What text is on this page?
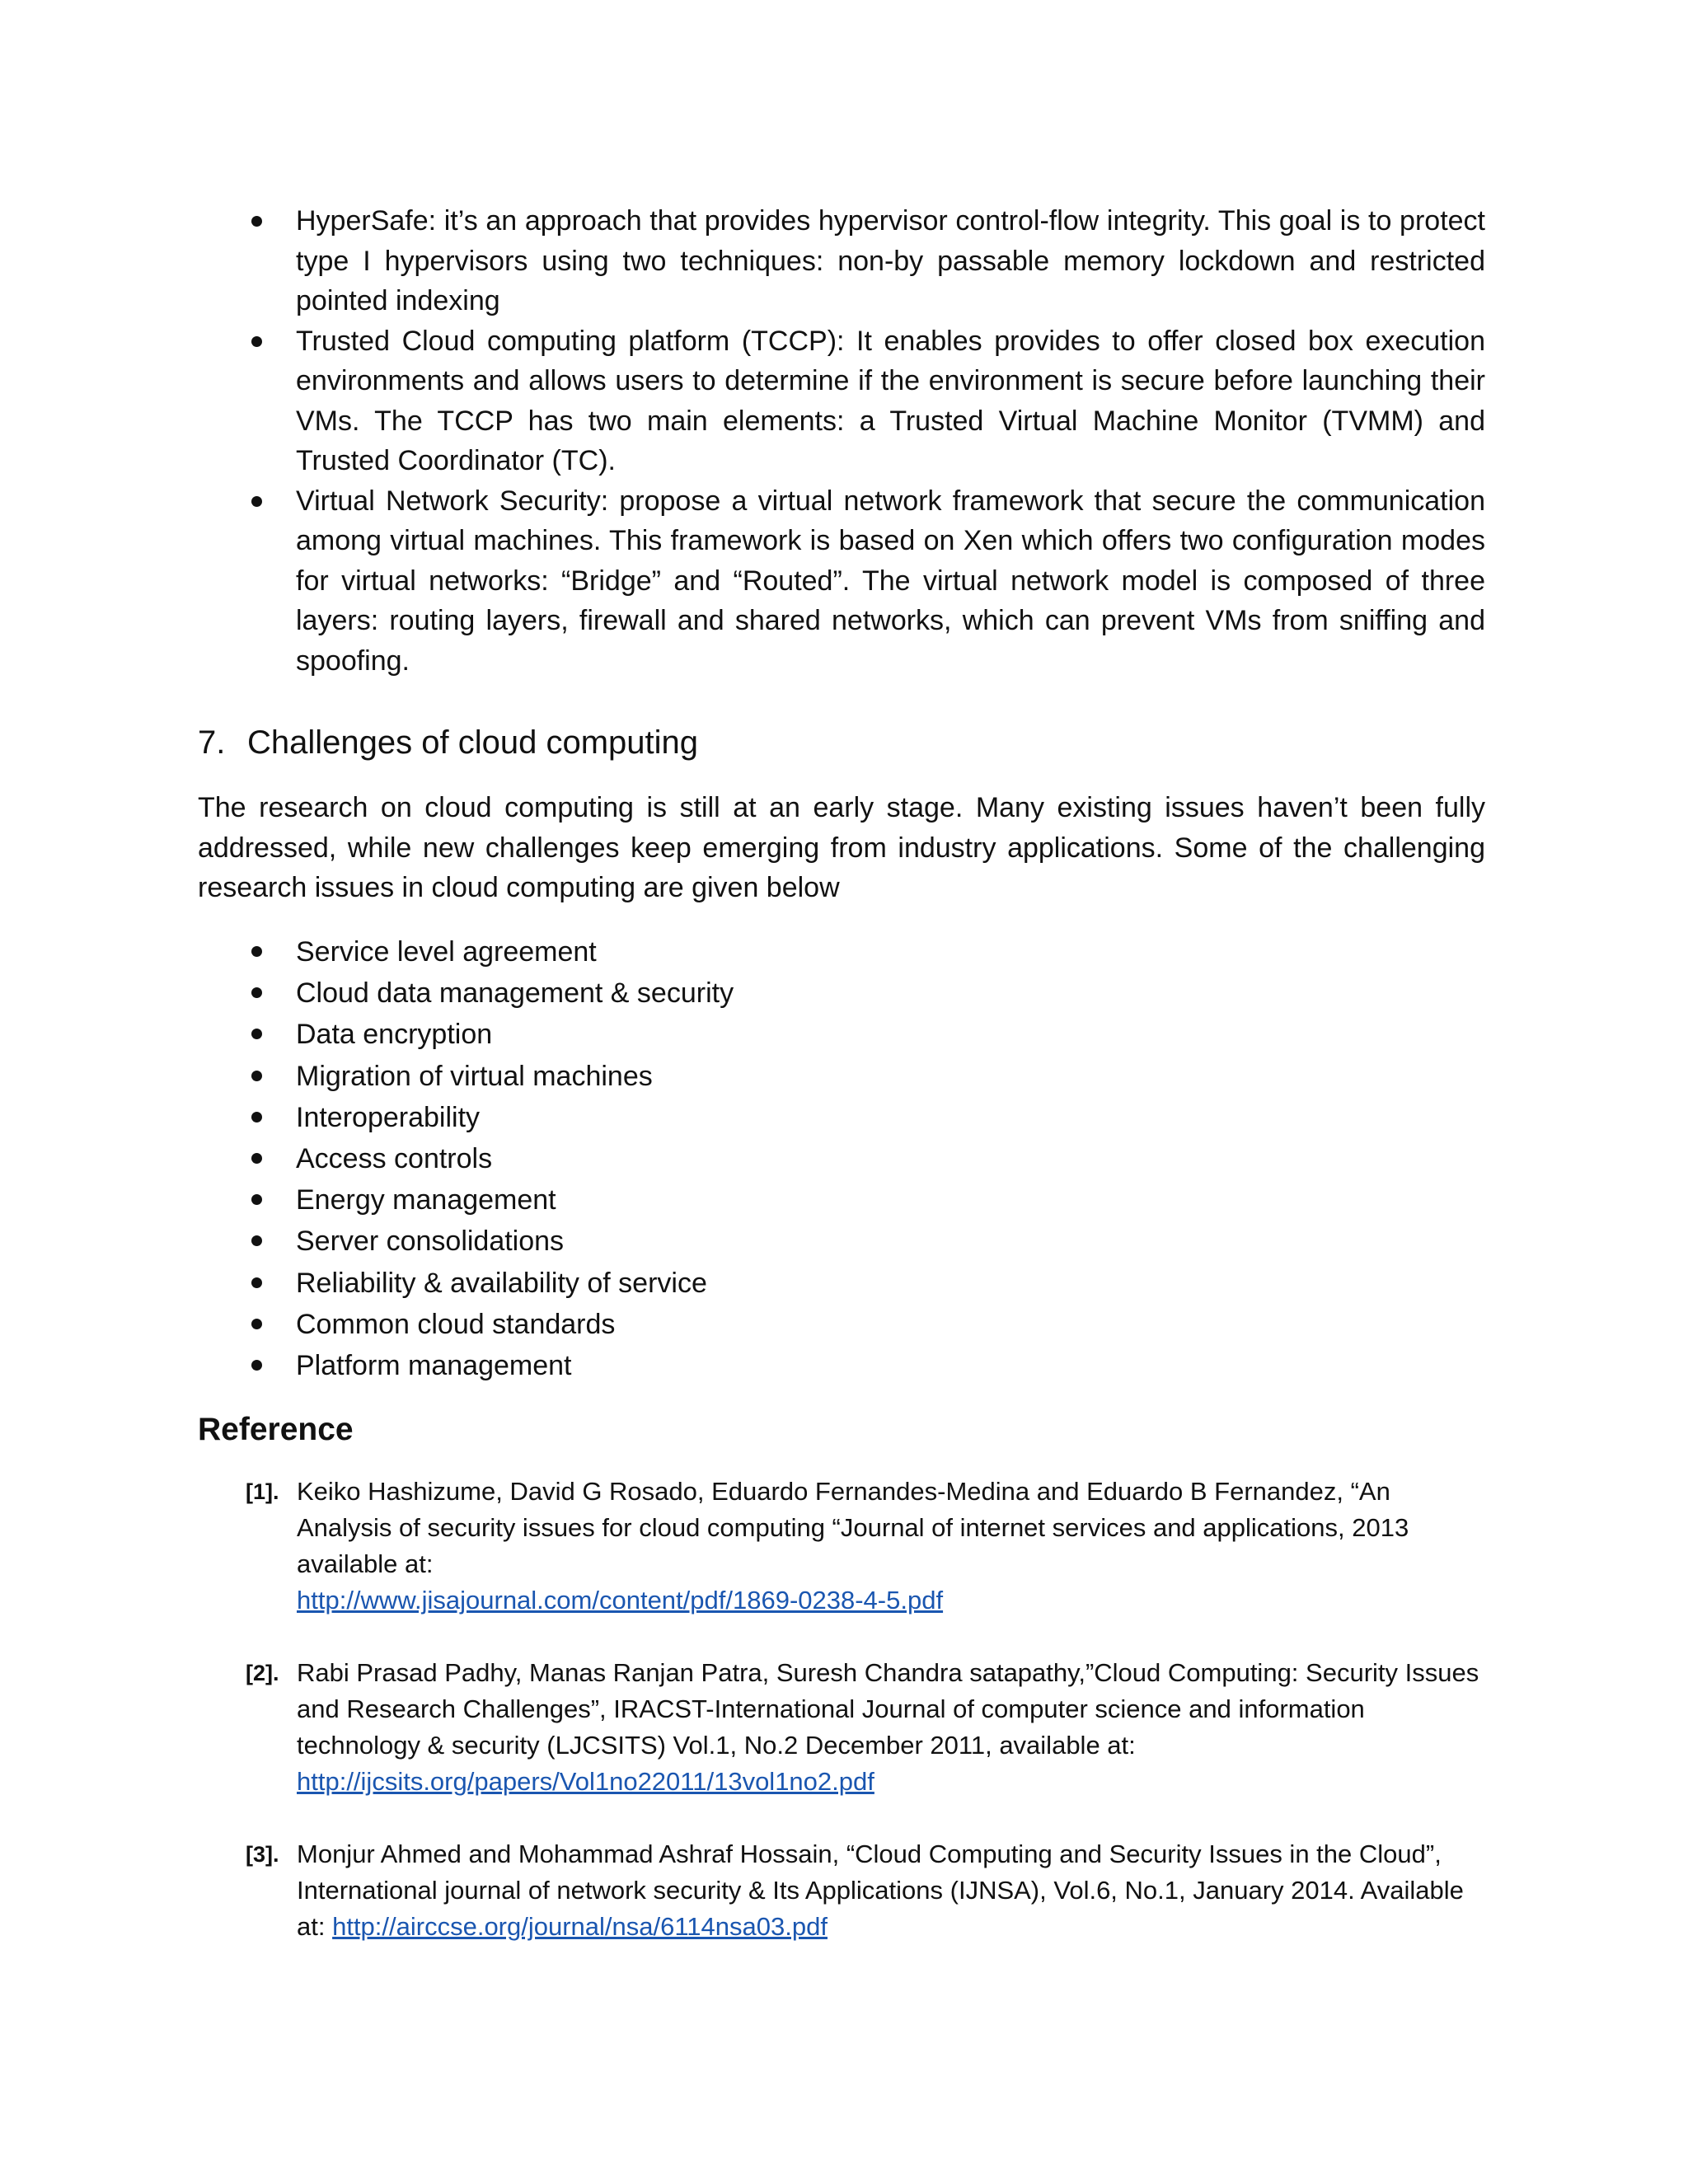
HyperSafe: it’s an approach that provides hypervisor control-flow integrity. This goal is to protect type I hypervisors using two techniques: non-by passable memory lockdown and restricted pointed indexing
Trusted Cloud computing platform (TCCP): It enables provides to offer closed box execution environments and allows users to determine if the environment is secure before launching their VMs. The TCCP has two main elements: a Trusted Virtual Machine Monitor (TVMM) and Trusted Coordinator (TC).
Virtual Network Security: propose a virtual network framework that secure the communication among virtual machines. This framework is based on Xen which offers two configuration modes for virtual networks: “Bridge” and “Routed”. The virtual network model is composed of three layers: routing layers, firewall and shared networks, which can prevent VMs from sniffing and spoofing.
7. Challenges of cloud computing

The research on cloud computing is still at an early stage. Many existing issues haven’t been fully addressed, while new challenges keep emerging from industry applications. Some of the challenging research issues in cloud computing are given below

Service level agreement
Cloud data management & security
Data encryption
Migration of virtual machines
Interoperability
Access controls
Energy management
Server consolidations
Reliability & availability of service
Common cloud standards
Platform management
Reference
[1]. Keiko Hashizume, David G Rosado, Eduardo Fernandes-Medina and Eduardo B Fernandez, “An Analysis of security issues for cloud computing “Journal of internet services and applications, 2013 available at:
http://www.jisajournal.com/content/pdf/1869-0238-4-5.pdf
[2]. Rabi Prasad Padhy, Manas Ranjan Patra, Suresh Chandra satapathy,”Cloud Computing: Security Issues and Research Challenges”, IRACST-International Journal of computer science and information technology & security (LJCSITS) Vol.1, No.2 December 2011, available at:
http://ijcsits.org/papers/Vol1no22011/13vol1no2.pdf
[3]. Monjur Ahmed and Mohammad Ashraf Hossain, “Cloud Computing and Security Issues in the Cloud”, International journal of network security & Its Applications (IJNSA), Vol.6, No.1, January 2014. Available
at: http://airccse.org/journal/nsa/6114nsa03.pdf
